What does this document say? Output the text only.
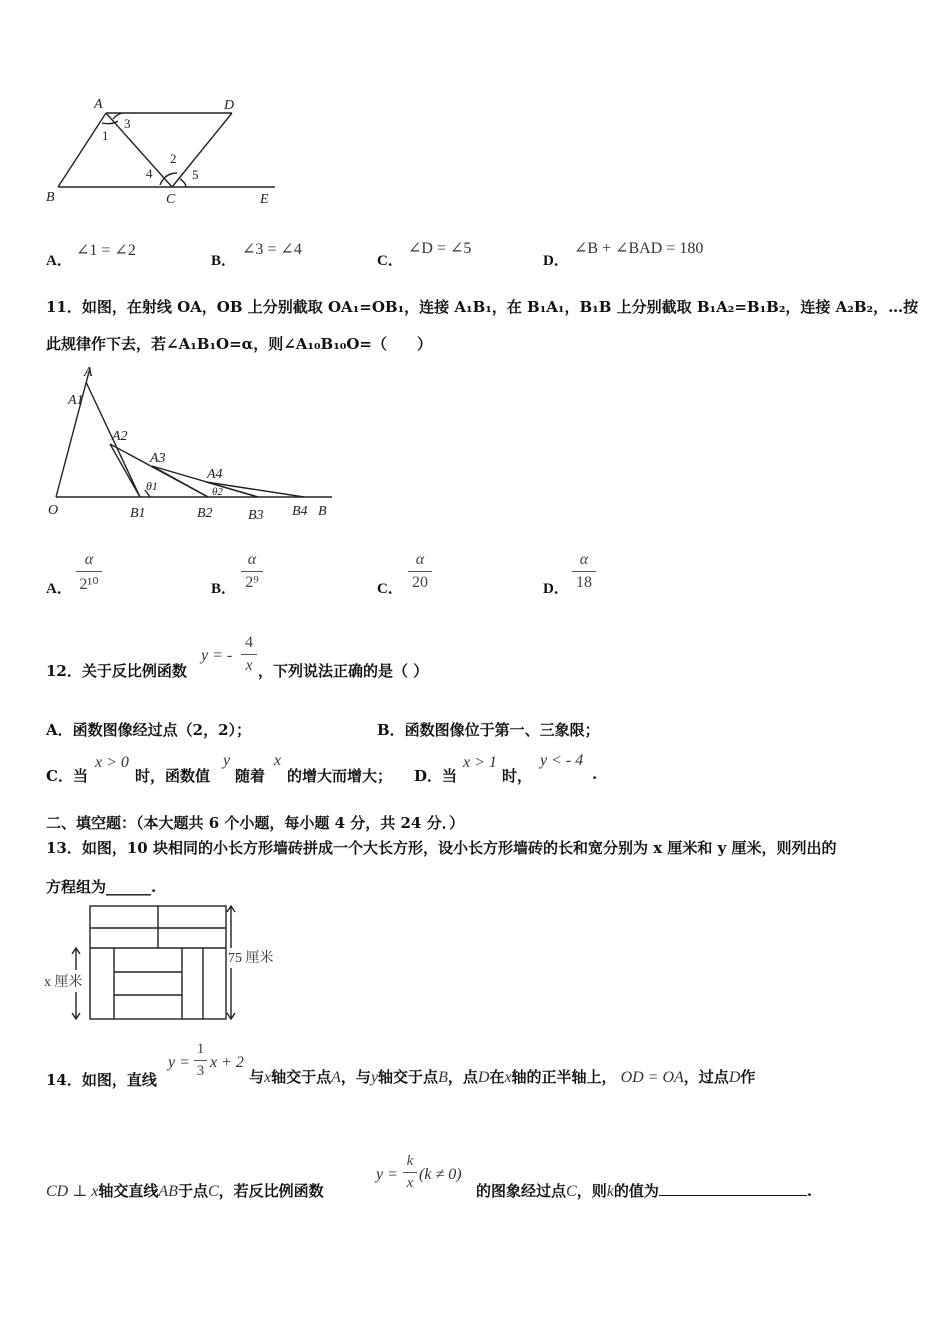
A	D
B	C	E
1
3
2
4	5
A．
∠1 = ∠2
B．
∠3 = ∠4
C．
∠D = ∠5
D．
∠B + ∠BAD = 180
11．如图，在射线 OA，OB 上分别截取 OA₁=OB₁，连接 A₁B₁，在 B₁A₁，B₁B 上分别截取 B₁A₂=B₁B₂，连接 A₂B₂，…按
此规律作下去，若∠A₁B₁O=α，则∠A₁₀B₁₀O=（　　）
A
A1
A2
A3
A4
O	B1	B2	B3 B4 B
θ1	θ2
A．
α
2¹⁰	B．
α
2⁹	C．
α
20	D．
α
18
12．关于反比例函数
y = -
4
x ，下列说法正确的是（ ）
A．函数图像经过点（2，2）；	B．函数图像位于第一、三象限；
C．当
x > 0
时，函数值
y
随着
x
的增大而增大； D．当
x > 1
时，
y < - 4
.
二、填空题：（本大题共 6 个小题，每小题 4 分，共 24 分．）
13．如图，10 块相同的小长方形墙砖拼成一个大长方形，设小长方形墙砖的长和宽分别为 x 厘米和 y 厘米，则列出的
方程组为______.
75 厘米
x 厘米
14．如图，直线
y =
1
3 x + 2
与x轴交于点A，与y轴交于点B，点D在x轴的正半轴上， OD = OA，过点D作
CD ⊥ x轴交直线AB于点C，若反比例函数
y =
k
x (k ≠ 0)
的图象经过点C，则k的值为	.
